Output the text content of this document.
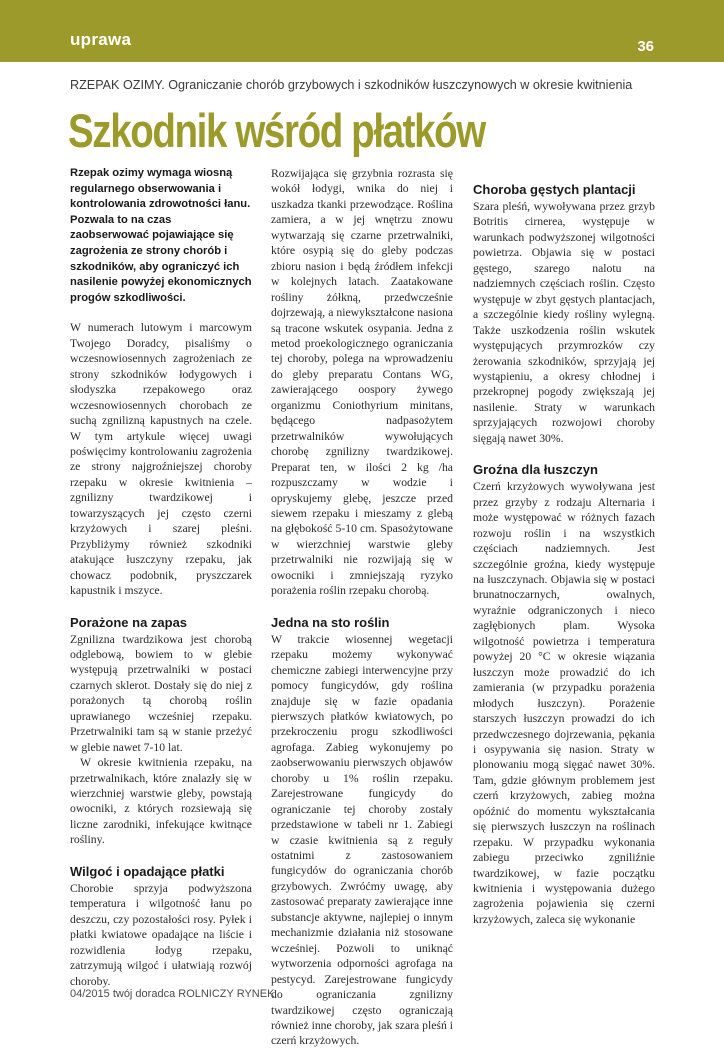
uprawa	36
RZEPAK OZIMY. Ograniczanie chorób grzybowych i szkodników łuszczynowych w okresie kwitnienia
Szkodnik wśród płatków

Rzepak ozimy wymaga wiosną regularnego obserwowania i kontrolowania zdrowotności łanu. Pozwala to na czas zaobserwować pojawiające się zagrożenia ze strony chorób i szkodników, aby ograniczyć ich nasilenie powyżej ekonomicznych progów szkodliwości.

W numerach lutowym i marcowym Twojego Doradcy, pisaliśmy o wczesnowiosennych zagrożeniach ze strony szkodników łodygowych i słodyszka rzepakowego oraz wczesnowiosennych chorobach ze suchą zgnilizną kapustnych na czele. W tym artykule więcej uwagi poświęcimy kontrolowaniu zagrożenia ze strony najgroźniejszej choroby rzepaku w okresie kwitnienia – zgnilizny twardzikowej i towarzyszących jej często czerni krzyżowych i szarej pleśni. Przybliżymy również szkodniki atakujące łuszczyny rzepaku, jak chowacz podobnik, pryszczarek kapustnik i mszyce.

Porażone na zapas

Zgnilizna twardzikowa jest chorobą odglebową, bowiem to w glebie występują przetrwalniki w postaci czarnych sklerot. Dostały się do niej z porażonych tą chorobą roślin uprawianego wcześniej rzepaku. Przetrwalniki tam są w stanie przeżyć w glebie nawet 7-10 lat.

W okresie kwitnienia rzepaku, na przetrwalnikach, które znalazły się w wierzchniej warstwie gleby, powstają owocniki, z których rozsiewają się liczne zarodniki, infekujące kwitnące rośliny.

Wilgoć i opadające płatki

Chorobie sprzyja podwyższona temperatura i wilgotność łanu po deszczu, czy pozostałości rosy. Pyłek i płatki kwiatowe opadające na liście i rozwidlenia łodyg rzepaku, zatrzymują wilgoć i ułatwiają rozwój choroby.

Rozwijająca się grzybnia rozrasta się wokół łodygi, wnika do niej i uszkadza tkanki przewodzące. Roślina zamiera, a w jej wnętrzu znowu wytwarzają się czarne przetrwalniki, które osypią się do gleby podczas zbioru nasion i będą źródłem infekcji w kolejnych latach. Zaatakowane rośliny żółkną, przedwcześnie dojrzewają, a niewykształcone nasiona są tracone wskutek osypania. Jedna z metod proekologicznego ograniczania tej choroby, polega na wprowadzeniu do gleby preparatu Contans WG, zawierającego oospory żywego organizmu Coniothyrium minitans, będącego nadpasożytem przetrwalników wywołujących chorobę zgnilizny twardzikowej. Preparat ten, w ilości 2 kg /ha rozpuszczamy w wodzie i opryskujemy glebę, jeszcze przed siewem rzepaku i mieszamy z glebą na głębokość 5-10 cm. Spasożytowane w wierzchniej warstwie gleby przetrwalniki nie rozwijają się w owocniki i zmniejszają ryzyko porażenia roślin rzepaku chorobą.

Jedna na sto roślin

W trakcie wiosennej wegetacji rzepaku możemy wykonywać chemiczne zabiegi interwencyjne przy pomocy fungicydów, gdy roślina znajduje się w fazie opadania pierwszych płatków kwiatowych, po przekroczeniu progu szkodliwości agrofaga. Zabieg wykonujemy po zaobserwowaniu pierwszych objawów choroby u 1% roślin rzepaku. Zarejestrowane fungicydy do ograniczanie tej choroby zostały przedstawione w tabeli nr 1. Zabiegi w czasie kwitnienia są z reguły ostatnimi z zastosowaniem fungicydów do ograniczania chorób grzybowych. Zwróćmy uwagę, aby zastosować preparaty zawierające inne substancje aktywne, najlepiej o innym mechanizmie działania niż stosowane wcześniej. Pozwoli to uniknąć wytworzenia odporności agrofaga na pestycyd. Zarejestrowane fungicydy do ograniczania zgnilizny twardzikowej często ograniczają również inne choroby, jak szara pleśń i czerń krzyżowych.

Choroba gęstych plantacji

Szara pleśń, wywoływana przez grzyb Botritis cirnerea, występuje w warunkach podwyższonej wilgotności powietrza. Objawia się w postaci gęstego, szarego nalotu na nadziemnych częściach roślin. Często występuje w zbyt gęstych plantacjach, a szczególnie kiedy rośliny wylegną. Także uszkodzenia roślin wskutek występujących przymrozków czy żerowania szkodników, sprzyjają jej wystąpieniu, a okresy chłodnej i przekropnej pogody zwiększają jej nasilenie. Straty w warunkach sprzyjających rozwojowi choroby sięgają nawet 30%.

Groźna dla łuszczyn

Czerń krzyżowych wywoływana jest przez grzyby z rodzaju Alternaria i może występować w różnych fazach rozwoju roślin i na wszystkich częściach nadziemnych. Jest szczególnie groźna, kiedy występuje na łuszczynach. Objawia się w postaci brunatnoczarnych, owalnych, wyraźnie odgraniczonych i nieco zagłębionych plam. Wysoka wilgotność powietrza i temperatura powyżej 20 °C w okresie wiązania łuszczyn może prowadzić do ich zamierania (w przypadku porażenia młodych łuszczyn). Porażenie starszych łuszczyn prowadzi do ich przedwczesnego dojrzewania, pękania i osypywania się nasion. Straty w plonowaniu mogą sięgać nawet 30%. Tam, gdzie głównym problemem jest czerń krzyżowych, zabieg można opóźnić do momentu wykształcania się pierwszych łuszczyn na roślinach rzepaku. W przypadku wykonania zabiegu przeciwko zgniliźnie twardzikowej, w fazie początku kwitnienia i występowania dużego zagrożenia pojawienia się czerni krzyżowych, zaleca się wykonanie

04/2015 twój doradca ROLNICZY RYNEK
